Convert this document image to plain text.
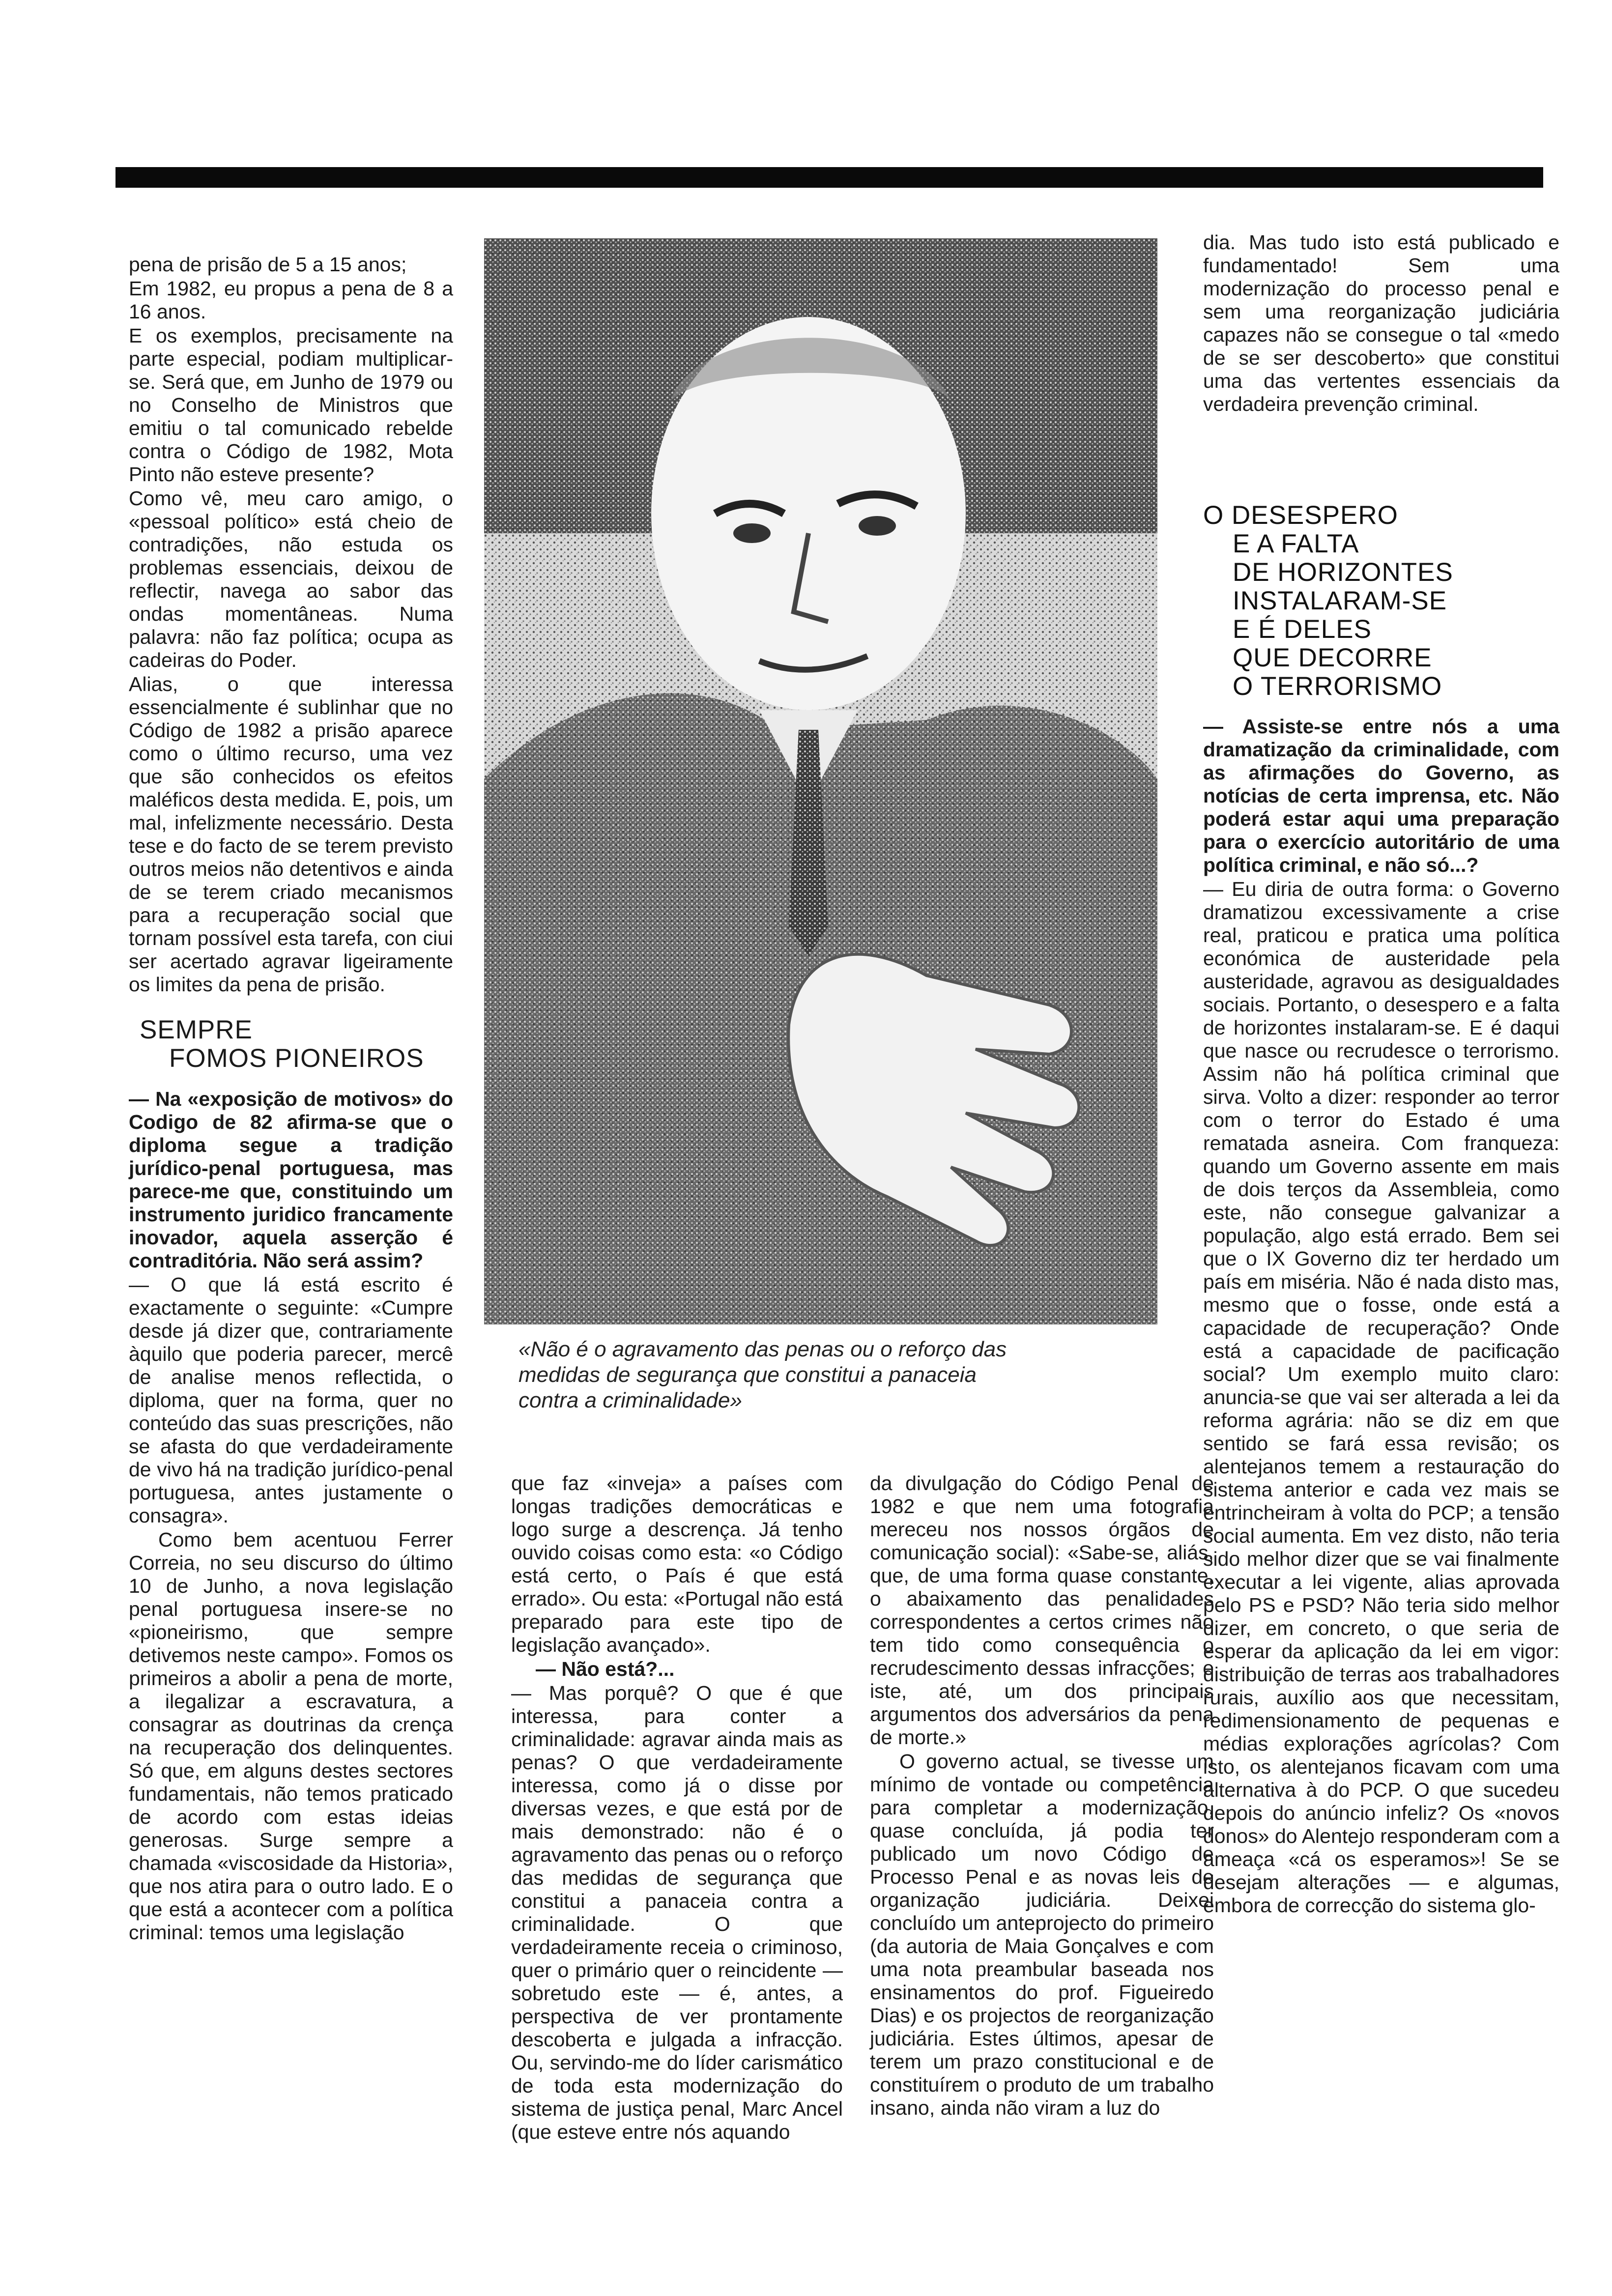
pena de prisão de 5 a 15 anos;

Em 1982, eu propus a pena de 8 a 16 anos.

E os exemplos, precisamente na parte especial, podiam multiplicar-se. Será que, em Junho de 1979 ou no Conselho de Ministros que emitiu o tal comunicado rebelde contra o Código de 1982, Mota Pinto não esteve presente?

Como vê, meu caro amigo, o «pessoal político» está cheio de contradições, não estuda os problemas essenciais, deixou de reflectir, navega ao sabor das ondas momentâneas. Numa palavra: não faz política; ocupa as cadeiras do Poder.

Alias, o que interessa essencialmente é sublinhar que no Código de 1982 a prisão aparece como o último recurso, uma vez que são conhecidos os efeitos maléficos desta medida. E, pois, um mal, infelizmente necessário. Desta tese e do facto de se terem previsto outros meios não detentivos e ainda de se terem criado mecanismos para a recuperação social que tornam possível esta tarefa, con ciui ser acertado agravar ligeiramente os limites da pena de prisão.

SEMPRE
FOMOS PIONEIROS

— Na «exposição de motivos» do Codigo de 82 afirma-se que o diploma segue a tradição jurídico-penal portuguesa, mas parece-me que, constituindo um instrumento juridico francamente inovador, aquela asserção é contraditória. Não será assim?

— O que lá está escrito é exactamente o seguinte: «Cumpre desde já dizer que, contrariamente àquilo que poderia parecer, mercê de analise menos reflectida, o diploma, quer na forma, quer no conteúdo das suas prescrições, não se afasta do que verdadeiramente de vivo há na tradição jurídico-penal portuguesa, antes justamente o consagra».

Como bem acentuou Ferrer Correia, no seu discurso do último 10 de Junho, a nova legislação penal portuguesa insere-se no «pioneirismo, que sempre detivemos neste campo». Fomos os primeiros a abolir a pena de morte, a ilegalizar a escravatura, a consagrar as doutrinas da crença na recuperação dos delinquentes. Só que, em alguns destes sectores fundamentais, não temos praticado de acordo com estas ideias generosas. Surge sempre a chamada «viscosidade da Historia», que nos atira para o outro lado. E o que está a acontecer com a política criminal: temos uma legislação

«Não é o agravamento das penas ou o reforço das
medidas de segurança que constitui a panaceia
contra a criminalidade»

que faz «inveja» a países com longas tradições democráticas e logo surge a descrença. Já tenho ouvido coisas como esta: «o Código está certo, o País é que está errado». Ou esta: «Portugal não está preparado para este tipo de legislação avançado».

— Não está?...

— Mas porquê? O que é que interessa, para conter a criminalidade: agravar ainda mais as penas? O que verdadeiramente interessa, como já o disse por diversas vezes, e que está por de mais demonstrado: não é o agravamento das penas ou o reforço das medidas de segurança que constitui a panaceia contra a criminalidade. O que verdadeiramente receia o criminoso, quer o primário quer o reincidente — sobretudo este — é, antes, a perspectiva de ver prontamente descoberta e julgada a infracção. Ou, servindo-me do líder carismático de toda esta modernização do sistema de justiça penal, Marc Ancel (que esteve entre nós aquando

da divulgação do Código Penal de 1982 e que nem uma fotografia mereceu nos nossos órgãos de comunicação social): «Sabe-se, aliás, que, de uma forma quase constante, o abaixamento das penalidades correspondentes a certos crimes não tem tido como consequência o recrudescimento dessas infracções; e iste, até, um dos principais argumentos dos adversários da pena de morte.»

O governo actual, se tivesse um mínimo de vontade ou competência para completar a modernização, quase concluída, já podia ter publicado um novo Código de Processo Penal e as novas leis de organização judiciária. Deixei concluído um anteprojecto do primeiro (da autoria de Maia Gonçalves e com uma nota preambular baseada nos ensinamentos do prof. Figueiredo Dias) e os projectos de reorganização judiciária. Estes últimos, apesar de terem um prazo constitucional e de constituírem o produto de um trabalho insano, ainda não viram a luz do

dia. Mas tudo isto está publicado e fundamentado! Sem uma modernização do processo penal e sem uma reorganização judiciária capazes não se consegue o tal «medo de se ser descoberto» que constitui uma das vertentes essenciais da verdadeira prevenção criminal.

O DESESPERO
E A FALTA
DE HORIZONTES
INSTALARAM-SE
E É DELES
QUE DECORRE
O TERRORISMO

— Assiste-se entre nós a uma dramatização da criminalidade, com as afirmações do Governo, as notícias de certa imprensa, etc. Não poderá estar aqui uma preparação para o exercício autoritário de uma política criminal, e não só...?

— Eu diria de outra forma: o Governo dramatizou excessivamente a crise real, praticou e pratica uma política económica de austeridade pela austeridade, agravou as desigualdades sociais. Portanto, o desespero e a falta de horizontes instalaram-se. E é daqui que nasce ou recrudesce o terrorismo. Assim não há política criminal que sirva. Volto a dizer: responder ao terror com o terror do Estado é uma rematada asneira. Com franqueza: quando um Governo assente em mais de dois terços da Assembleia, como este, não consegue galvanizar a população, algo está errado. Bem sei que o IX Governo diz ter herdado um país em miséria. Não é nada disto mas, mesmo que o fosse, onde está a capacidade de recuperação? Onde está a capacidade de pacificação social? Um exemplo muito claro: anuncia-se que vai ser alterada a lei da reforma agrária: não se diz em que sentido se fará essa revisão; os alentejanos temem a restauração do sistema anterior e cada vez mais se entrincheiram à volta do PCP; a tensão social aumenta. Em vez disto, não teria sido melhor dizer que se vai finalmente executar a lei vigente, alias aprovada pelo PS e PSD? Não teria sido melhor dizer, em concreto, o que seria de esperar da aplicação da lei em vigor: distribuição de terras aos trabalhadores rurais, auxílio aos que necessitam, redimensionamento de pequenas e médias explorações agrícolas? Com isto, os alentejanos ficavam com uma alternativa à do PCP. O que sucedeu depois do anúncio infeliz? Os «novos donos» do Alentejo responderam com a ameaça «cá os esperamos»! Se se desejam alterações — e algumas, embora de correcção do sistema glo-
